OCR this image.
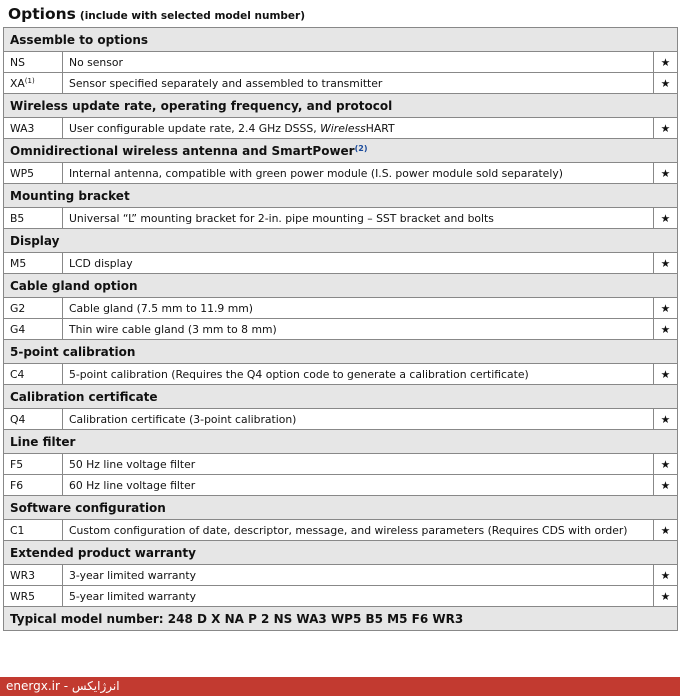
Options (include with selected model number)
Assemble to options		
NS	No sensor	★
XA$^{(1)}$	Sensor specified separately and assembled to transmitter	★
Wireless update rate, operating frequency, and protocol		
WA3	User configurable update rate, 2.4 GHz DSSS, WirelessHART	★
Omnidirectional wireless antenna and SmartPower$^{(2)}$
WP5	Internal antenna, compatible with green power module (I.S. power module sold separately)	★
Mounting bracket		
B5	Universal “L” mounting bracket for 2-in. pipe mounting – SST bracket and bolts	★
Display		
M5	LCD display	★
Cable gland option		
G2	Cable gland (7.5 mm to 11.9 mm)	★
G4	Thin wire cable gland (3 mm to 8 mm)	★
5-point calibration		
C4	5-point calibration (Requires the Q4 option code to generate a calibration certificate)	★
Calibration certificate		
Q4	Calibration certificate (3-point calibration)	★
Line filter		
F5	50 Hz line voltage filter	★
F6	60 Hz line voltage filter	★
Software configuration		
C1	Custom configuration of date, descriptor, message, and wireless parameters (Requires CDS with order)	★
Extended product warranty		
WR3	3-year limited warranty	★
WR5	5-year limited warranty	★
Typical model number: 248 D X NA P 2 NS WA3 WP5 B5 M5 F6 WR3		
energx.ir - انرژایکس
